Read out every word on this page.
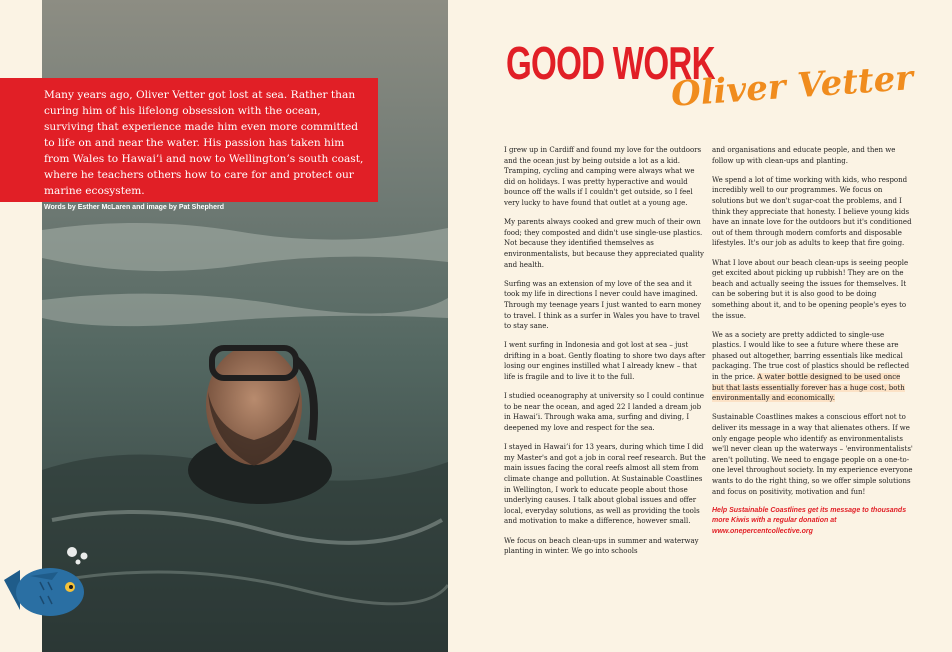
Many years ago, Oliver Vetter got lost at sea. Rather than curing him of his lifelong obsession with the ocean, surviving that experience made him even more committed to life on and near the water. His passion has taken him from Wales to Hawai’i and now to Wellington’s south coast, where he teachers others how to care for and protect our marine ecosystem.

Words by Esther McLaren and image by Pat Shepherd
GOOD WORK
Oliver Vetter

I grew up in Cardiff and found my love for the outdoors and the ocean just by being outside a lot as a kid. Tramping, cycling and camping were always what we did on holidays. I was pretty hyperactive and would bounce off the walls if I couldn't get outside, so I feel very lucky to have found that outlet at a young age.

My parents always cooked and grew much of their own food; they composted and didn't use single-use plastics. Not because they identified themselves as environmentalists, but because they appreciated quality and health.

Surfing was an extension of my love of the sea and it took my life in directions I never could have imagined. Through my teenage years I just wanted to earn money to travel. I think as a surfer in Wales you have to travel to stay sane.

I went surfing in Indonesia and got lost at sea – just drifting in a boat. Gently floating to shore two days after losing our engines instilled what I already knew – that life is fragile and to live it to the full.

I studied oceanography at university so I could continue to be near the ocean, and aged 22 I landed a dream job in Hawai’i. Through waka ama, surfing and diving, I deepened my love and respect for the sea.

I stayed in Hawai’i for 13 years, during which time I did my Master's and got a job in coral reef research. But the main issues facing the coral reefs almost all stem from climate change and pollution. At Sustainable Coastlines in Wellington, I work to educate people about those underlying causes. I talk about global issues and offer local, everyday solutions, as well as providing the tools and motivation to make a difference, however small.

We focus on beach clean-ups in summer and waterway planting in winter. We go into schools

and organisations and educate people, and then we follow up with clean-ups and planting.

We spend a lot of time working with kids, who respond incredibly well to our programmes. We focus on solutions but we don't sugar-coat the problems, and I think they appreciate that honesty. I believe young kids have an innate love for the outdoors but it's conditioned out of them through modern comforts and disposable lifestyles. It's our job as adults to keep that fire going.

What I love about our beach clean-ups is seeing people get excited about picking up rubbish! They are on the beach and actually seeing the issues for themselves. It can be sobering but it is also good to be doing something about it, and to be opening people's eyes to the issue.

We as a society are pretty addicted to single-use plastics. I would like to see a future where these are phased out altogether, barring essentials like medical packaging. The true cost of plastics should be reflected in the price. A water bottle designed to be used once but that lasts essentially forever has a huge cost, both environmentally and economically.

Sustainable Coastlines makes a conscious effort not to deliver its message in a way that alienates others. If we only engage people who identify as environmentalists we'll never clean up the waterways – 'environmentalists' aren't polluting. We need to engage people on a one-to-one level throughout society. In my experience everyone wants to do the right thing, so we offer simple solutions and focus on positivity, motivation and fun!

Help Sustainable Coastlines get its message to thousands more Kiwis with a regular donation at www.onepercentcollective.org
